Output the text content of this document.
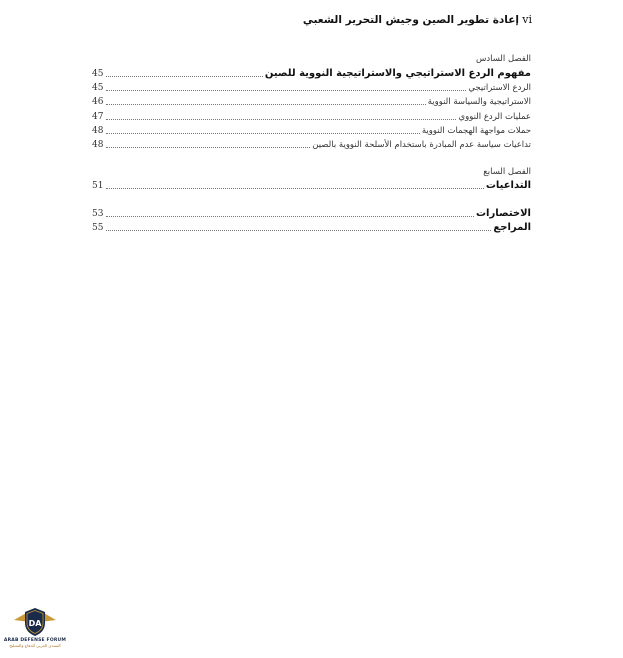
إعادة تطوير الصين وجيش التحرير الشعبي vi
الفصل السادس
مفهوم الردع الاستراتيجي والاستراتيجية النووية للصين
45
الردع الاستراتيجي
45
الاستراتيجية والسياسة النووية
46
عمليات الردع النووي
47
حملات مواجهة الهجمات النووية
48
تداعيات سياسة عدم المبادرة باستخدام الأسلحة النووية بالصين
48
الفصل السابع
التداعيات
51
الاختصارات
53
المراجع
55
DA
ARAB DEFENSE FORUM
المنتدى العربي للدفاع والتسليح
